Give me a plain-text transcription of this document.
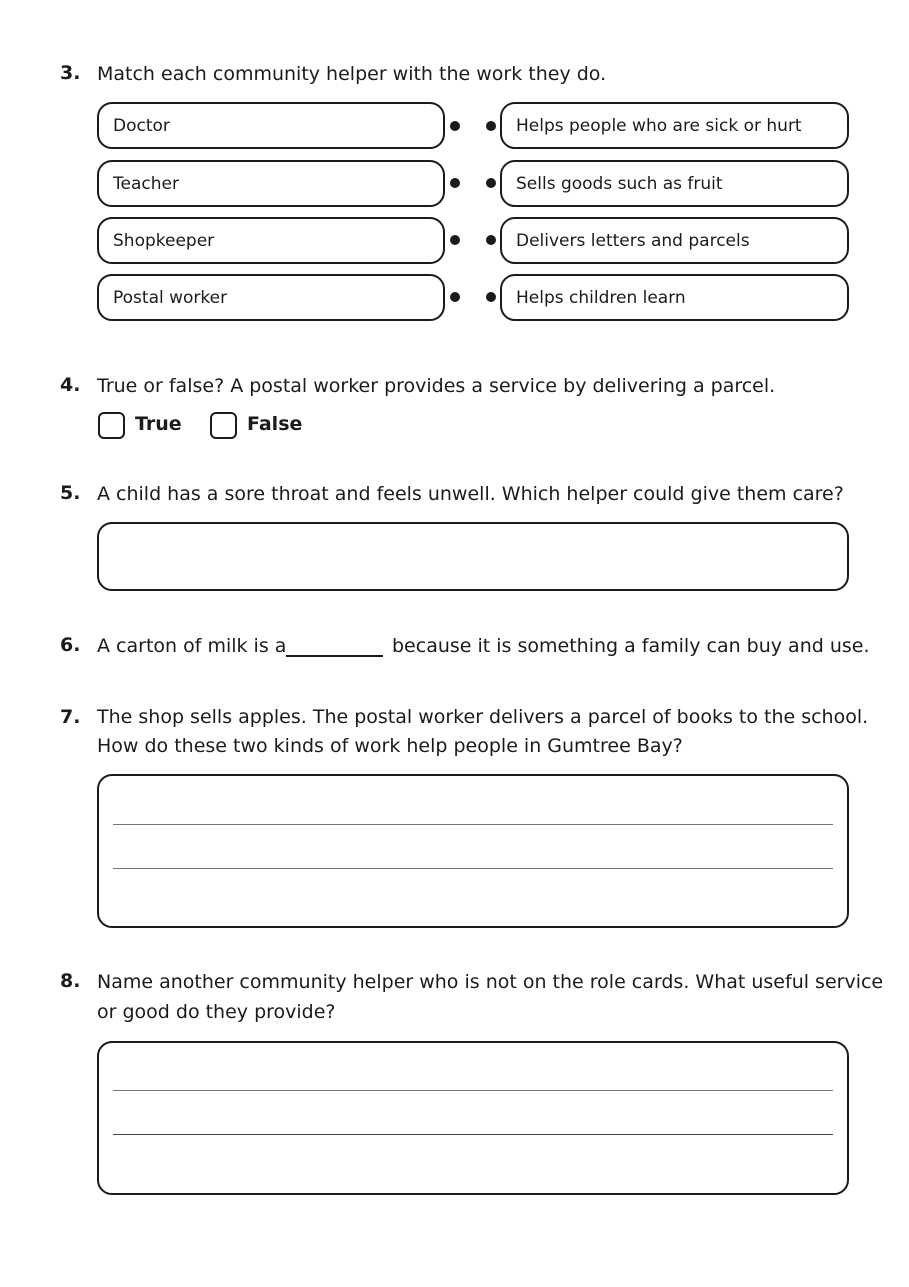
3. Match each community helper with the work they do.
Doctor
Teacher
Shopkeeper
Postal worker
Helps people who are sick or hurt
Sells goods such as fruit
Delivers letters and parcels
Helps children learn
4. True or false? A postal worker provides a service by delivering a parcel.
True	False
5. A child has a sore throat and feels unwell. Which helper could give them care?
6. A carton of milk is a	because it is something a family can buy and use.
7. The shop sells apples. The postal worker delivers a parcel of books to the school.
How do these two kinds of work help people in Gumtree Bay?
8. Name another community helper who is not on the role cards. What useful service
or good do they provide?
